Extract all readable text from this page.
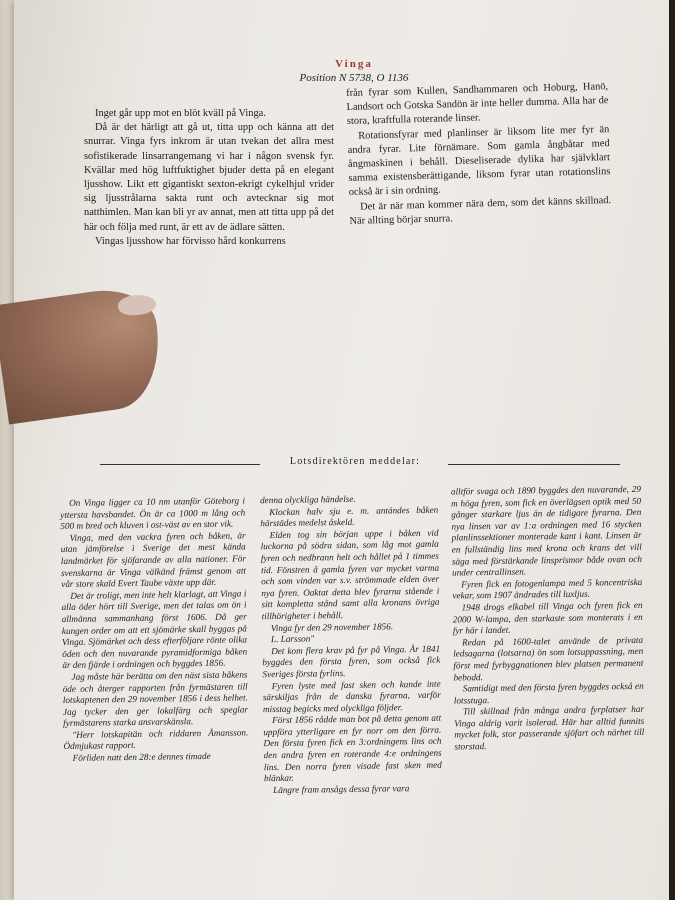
Vinga
Position N 5738, O 1136

Inget går upp mot en blöt kväll på Vinga.

Då är det härligt att gå ut, titta upp och känna att det snurrar. Vinga fyrs inkrom är utan tvekan det allra mest sofistikerade linsarrangemang vi har i någon svensk fyr. Kvällar med hög luftfuktighet bjuder detta på en elegant ljusshow. Likt ett gigantiskt sexton-ekrigt cykelhjul vrider sig ljusstrålarna sakta runt och avtecknar sig mot natthimlen. Man kan bli yr av annat, men att titta upp på det här och följa med runt, är ett av de ädlare sätten.

Vingas ljusshow har förvisso hård konkurrens

från fyrar som Kullen, Sandhammaren och Hoburg, Hanö, Landsort och Gotska Sandön är inte heller dumma. Alla har de stora, kraftfulla roterande linser.

Rotationsfyrar med planlinser är liksom lite mer fyr än andra fyrar. Lite förnämare. Som gamla ångbåtar med ångmaskinen i behåll. Dieseliserade dylika har självklart samma existensberättigande, liksom fyrar utan rotationslins också är i sin ordning.

Det är när man kommer nära dem, som det känns skillnad. När allting börjar snurra.

Lotsdirektören meddelar:

On Vinga ligger ca 10 nm utanför Göteborg i yttersta havsbandet. Ön är ca 1000 m lång och 500 m bred och kluven i ost-väst av en stor vik.

Vinga, med den vackra fyren och båken, är utan jämförelse i Sverige det mest kända landmärket för sjöfarande av alla nationer. För svenskarna är Vinga välkänd främst genom att vår store skald Evert Taube växte upp där.

Det är troligt, men inte helt klarlagt, att Vinga i alla öder hört till Sverige, men det talas om ön i allmänna sammanhang först 1606. Då ger kungen order om att ett sjömärke skall byggas på Vinga. Sjömärket och dess efterföljare rönte olika öden och den nuvarande pyramidformiga båken är den fjärde i ordningen och byggdes 1856.

Jag måste här berätta om den näst sista båkens öde och återger rapporten från fyrmästaren till lotskaptenen den 29 november 1856 i dess helhet. Jag tycker den ger lokalfärg och speglar fyrmästarens starka ansvarskänsla.

"Herr lotskapitän och riddaren Åmansson. Ödmjukast rapport.

Förliden natt den 28:e dennes timade

denna olyckliga händelse.

Klockan halv sju e. m. antändes båken härstädes medelst åskeld.

Elden tog sin början uppe i båken vid luckorna på södra sidan, som låg mot gamla fyren och nedbrann helt och hållet på 1 timmes tid. Fönstren å gamla fyren var mycket varma och som vinden var s.v. strömmade elden över nya fyren. Oaktat detta blev fyrarna stående i sitt kompletta stånd samt alla kronans övriga tillhörigheter i behåll.

Vinga fyr den 29 november 1856.

L. Larsson"

Det kom flera krav på fyr på Vinga. År 1841 byggdes den första fyren, som också fick Sveriges första fyrlins.

Fyren lyste med fast sken och kunde inte särskiljas från de danska fyrarna, varför misstag begicks med olyckliga följder.

Först 1856 rådde man bot på detta genom att uppföra ytterligare en fyr norr om den förra. Den första fyren fick en 3:ordningens lins och den andra fyren en roterande 4:e ordningens lins. Den norra fyren visade fast sken med blänkar.

Längre fram ansågs dessa fyrar vara

alltför svaga och 1890 byggdes den nuvarande, 29 m höga fyren, som fick en överlägsen optik med 50 gånger starkare ljus än de tidigare fyrarna. Den nya linsen var av 1:a ordningen med 16 stycken planlinssektioner monterade kant i kant. Linsen är en fullständig lins med krona och krans det vill säga med förstärkande linsprismor både ovan och under centrallinsen.

Fyren fick en fotogenlampa med 5 koncentriska vekar, som 1907 ändrades till luxljus.

1948 drogs elkabel till Vinga och fyren fick en 2000 W-lampa, den starkaste som monterats i en fyr här i landet.

Redan på 1600-talet använde de privata ledsagarna (lotsarna) ön som lotsuppassning, men först med fyrbyggnationen blev platsen permanent bebodd.

Samtidigt med den första fyren byggdes också en lotsstuga.

Till skillnad från många andra fyrplatser har Vinga aldrig varit isolerad. Här har alltid funnits mycket folk, stor passerande sjöfart och närhet till storstad.
